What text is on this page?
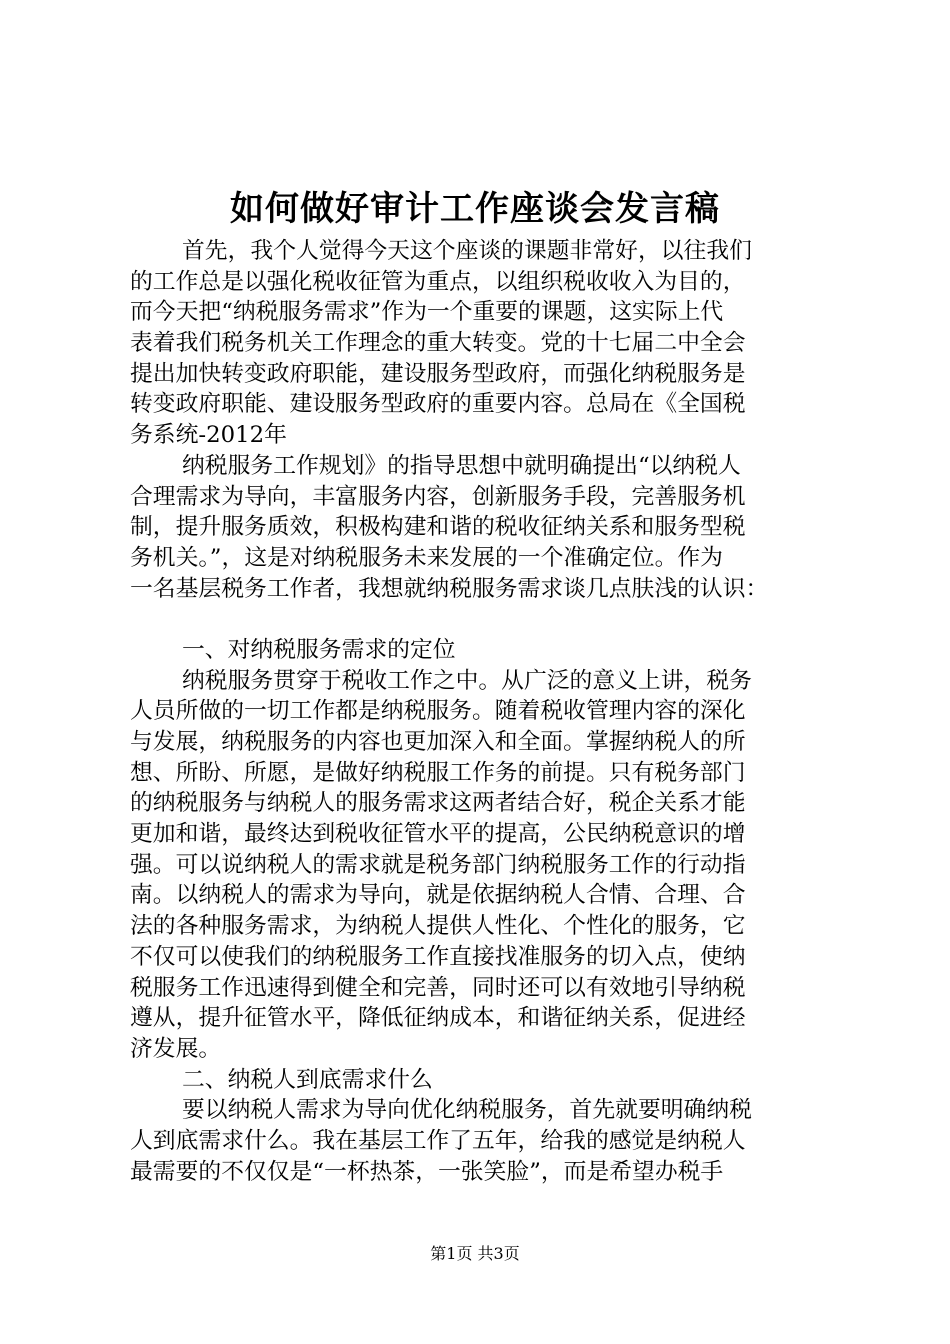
如何做好审计工作座谈会发言稿
首先，我个人觉得今天这个座谈的课题非常好，以往我们
的工作总是以强化税收征管为重点，以组织税收收入为目的，
而今天把“纳税服务需求”作为一个重要的课题，这实际上代
表着我们税务机关工作理念的重大转变。党的十七届二中全会
提出加快转变政府职能，建设服务型政府，而强化纳税服务是
转变政府职能、建设服务型政府的重要内容。总局在《全国税
务系统-2012年
纳税服务工作规划》的指导思想中就明确提出“以纳税人
合理需求为导向，丰富服务内容，创新服务手段，完善服务机
制，提升服务质效，积极构建和谐的税收征纳关系和服务型税
务机关。”，这是对纳税服务未来发展的一个准确定位。作为
一名基层税务工作者，我想就纳税服务需求谈几点肤浅的认识：
一、对纳税服务需求的定位
纳税服务贯穿于税收工作之中。从广泛的意义上讲，税务
人员所做的一切工作都是纳税服务。随着税收管理内容的深化
与发展，纳税服务的内容也更加深入和全面。掌握纳税人的所
想、所盼、所愿，是做好纳税服工作务的前提。只有税务部门
的纳税服务与纳税人的服务需求这两者结合好，税企关系才能
更加和谐，最终达到税收征管水平的提高，公民纳税意识的增
强。可以说纳税人的需求就是税务部门纳税服务工作的行动指
南。以纳税人的需求为导向，就是依据纳税人合情、合理、合
法的各种服务需求，为纳税人提供人性化、个性化的服务，它
不仅可以使我们的纳税服务工作直接找准服务的切入点，使纳
税服务工作迅速得到健全和完善，同时还可以有效地引导纳税
遵从，提升征管水平，降低征纳成本，和谐征纳关系，促进经
济发展。
二、纳税人到底需求什么
要以纳税人需求为导向优化纳税服务，首先就要明确纳税
人到底需求什么。我在基层工作了五年，给我的感觉是纳税人
最需要的不仅仅是“一杯热茶，一张笑脸”，而是希望办税手
第1页 共3页
